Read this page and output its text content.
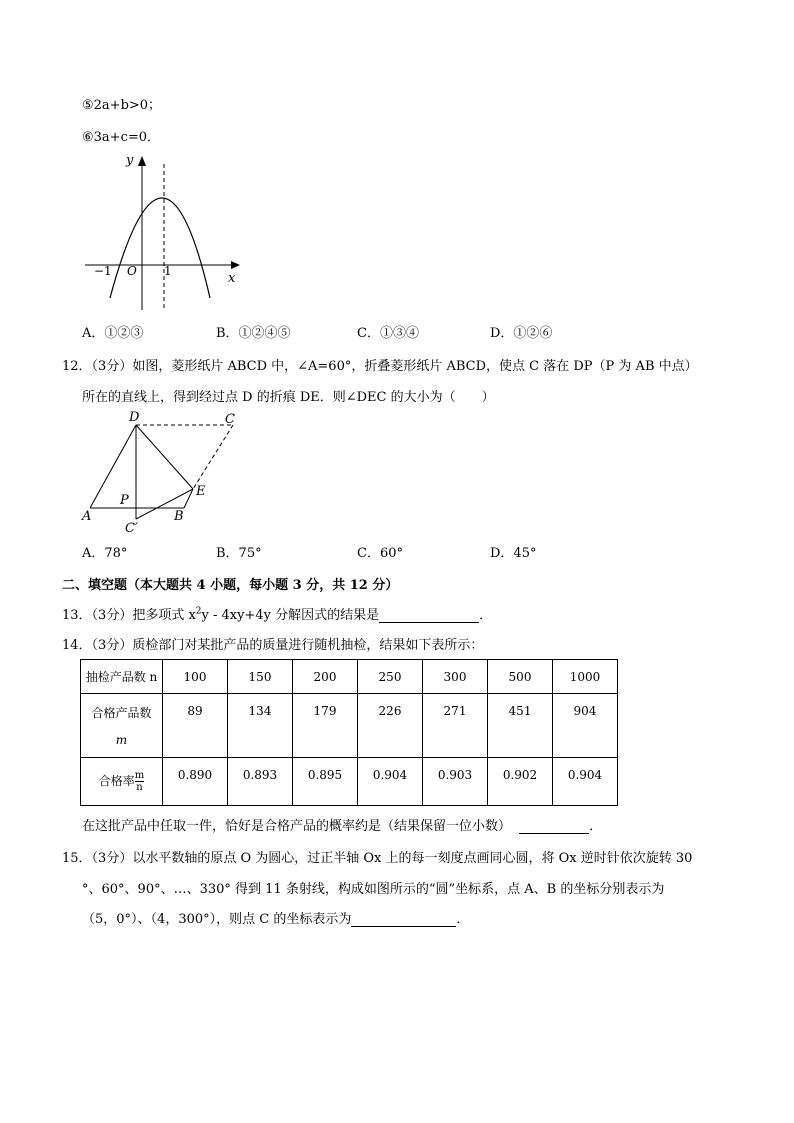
⑤2a+b>0；
⑥3a+c=0．
y
x
−1 O 1
A．①②③	B．①②④⑤	C．①③④	D．①②⑥
12．（3分）如图，菱形纸片 ABCD 中，∠A=60°，折叠菱形纸片 ABCD，使点 C 落在 DP（P 为 AB 中点）
所在的直线上，得到经过点 D 的折痕 DE．则∠DEC 的大小为（　　）
D	C
P
E
A	B
C′
A．78°	B．75°	C．60°	D．45°
二、填空题（本大题共 4 小题，每小题 3 分，共 12 分）
13．（3分）把多项式 $x^2y - 4xy+4y$ 分解因式的结果是	．
14．（3分）质检部门对某批产品的质量进行随机抽检，结果如下表所示：
抽检产品数 n	100	150	200	250	300	500	1000

合格产品数
m	89	134	179	226	271	451	904
合格率 $\frac{m}{n}$	0.890	0.893	0.895	0.904	0.903	0.902	0.904
在这批产品中任取一件，恰好是合格产品的概率约是（结果保留一位小数）	．
15．（3分）以水平数轴的原点 O 为圆心，过正半轴 Ox 上的每一刻度点画同心圆，将 Ox 逆时针依次旋转 30
°、60°、90°、…、330° 得到 11 条射线，构成如图所示的“圆”坐标系，点 A、B 的坐标分别表示为
（5，0°）、（4，300°），则点 C 的坐标表示为	．
